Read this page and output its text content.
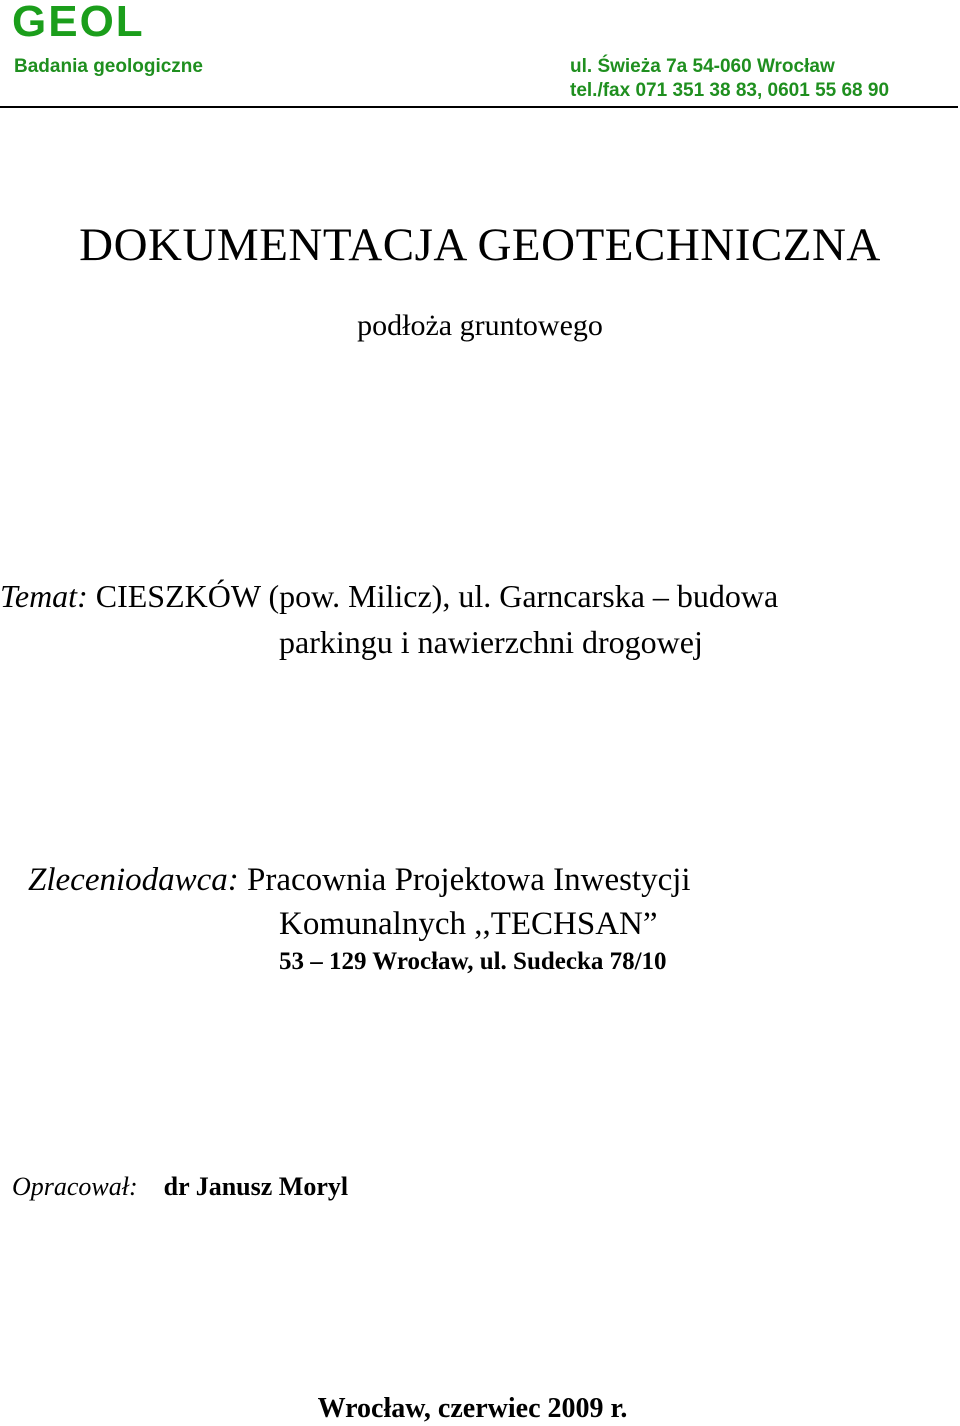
GEOL
Badania geologiczne	ul. Świeża 7a 54-060 Wrocław
tel./fax 071 351 38 83, 0601 55 68 90
DOKUMENTACJA GEOTECHNICZNA
podłoża gruntowego
Temat: CIESZKÓW (pow. Milicz), ul. Garncarska – budowa
parkingu i nawierzchni drogowej
Zleceniodawca: Pracownia Projektowa Inwestycji
Komunalnych ,,TECHSAN”
53 – 129 Wrocław, ul. Sudecka 78/10
Opracował: dr Janusz Moryl
Wrocław, czerwiec 2009 r.
